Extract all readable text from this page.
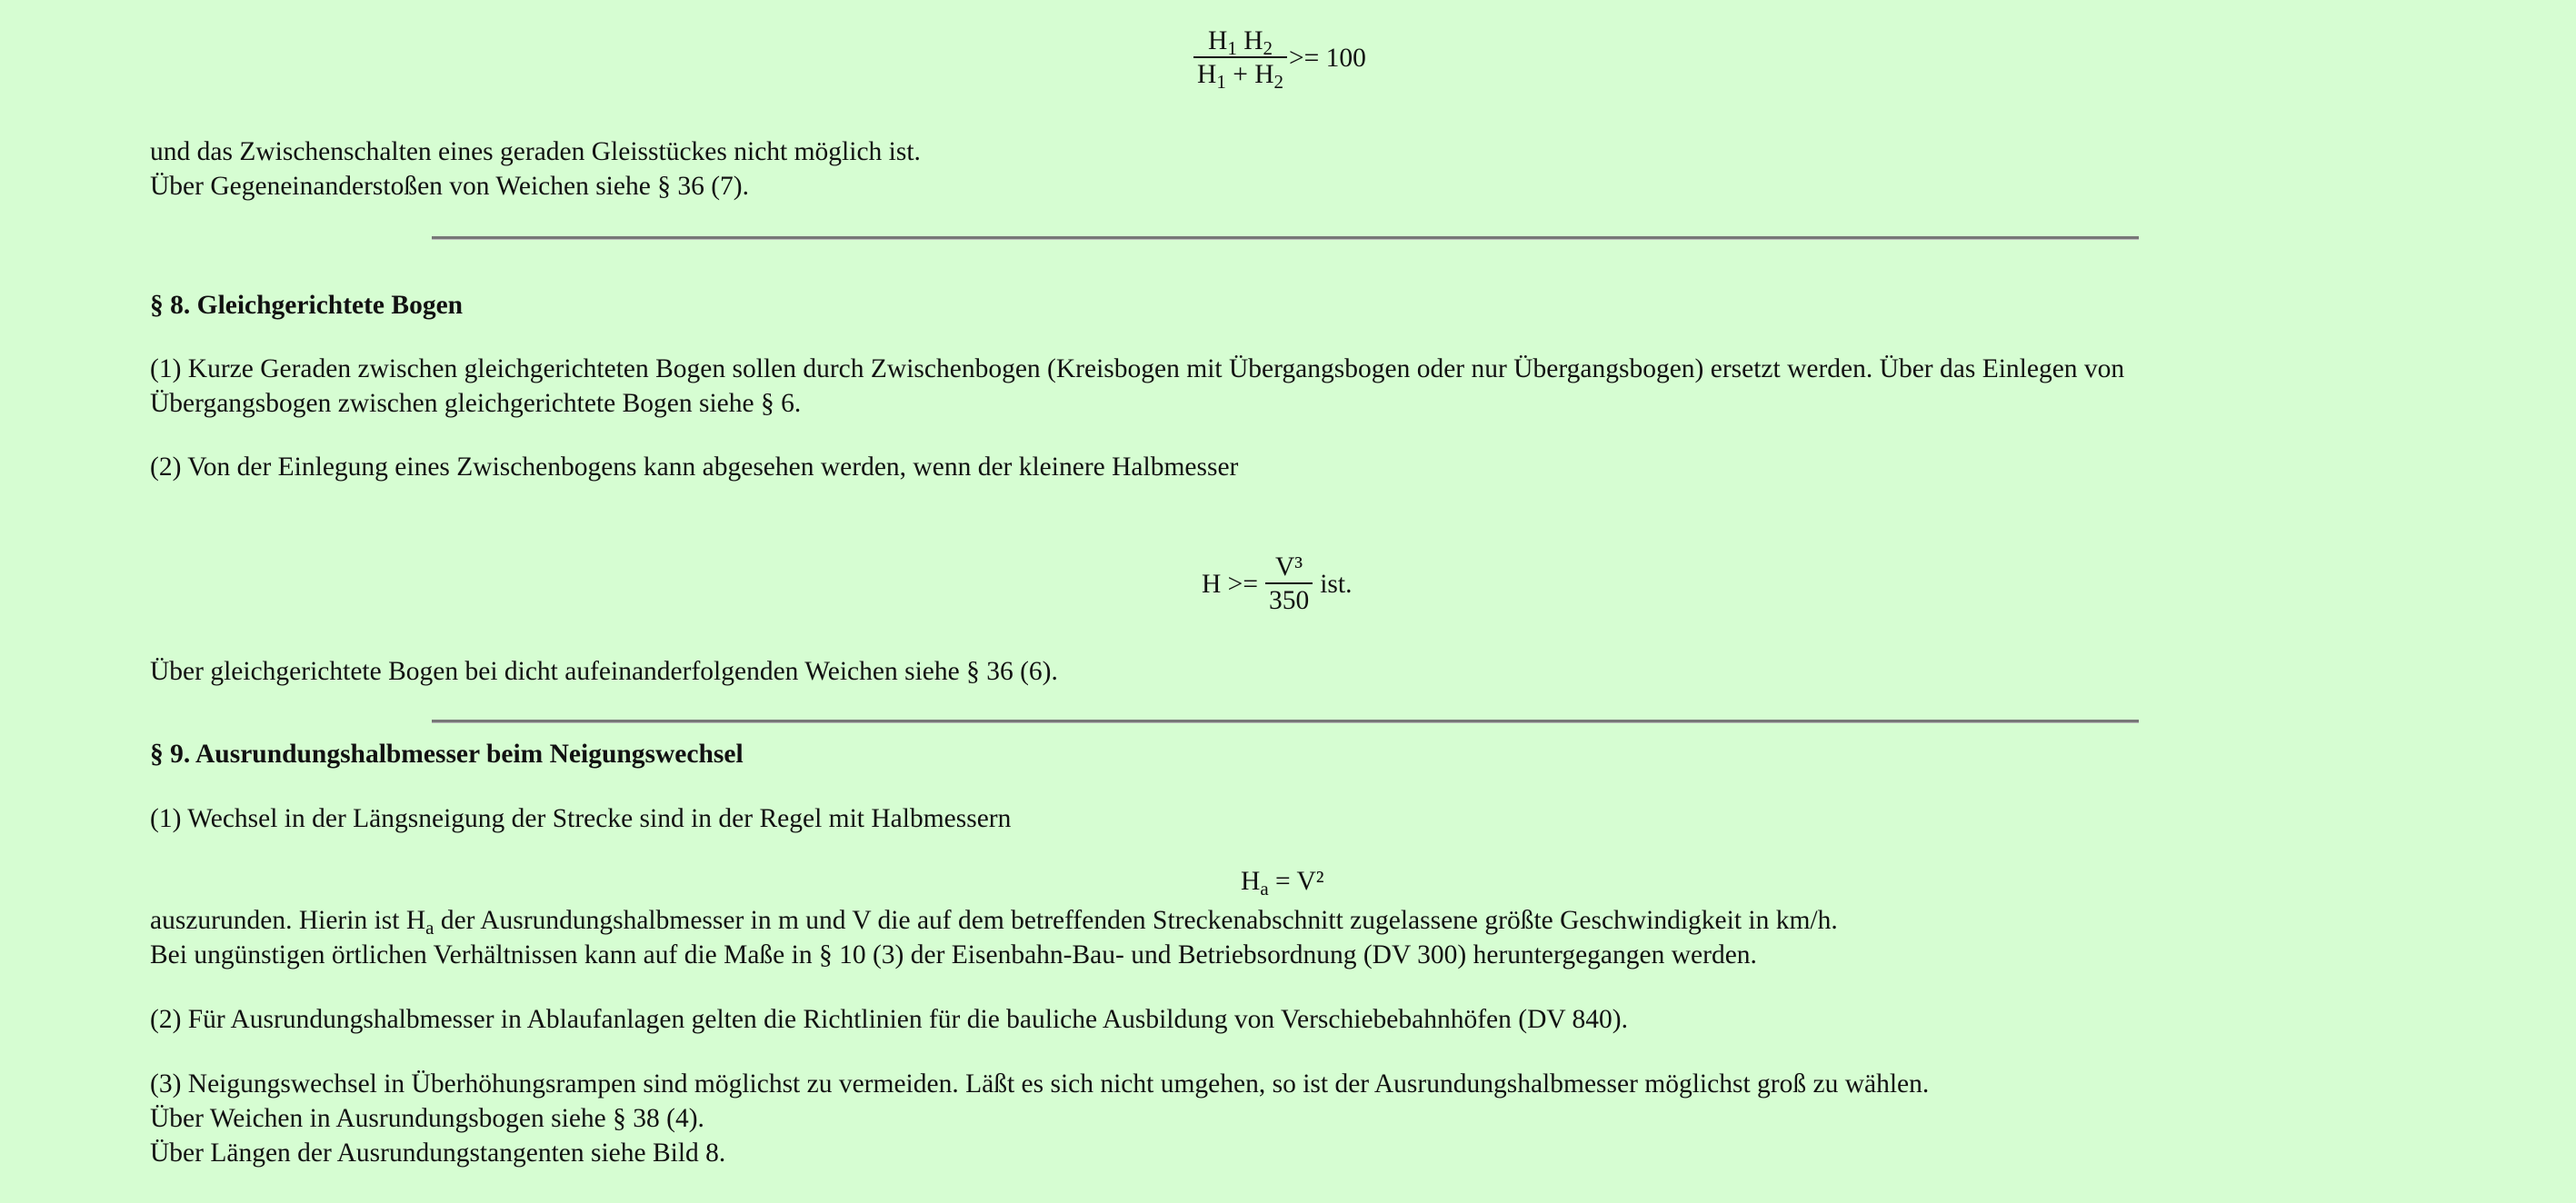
$\frac{H_1 H_2}{H_1 + H_2} >= 100$
und das Zwischenschalten eines geraden Gleisstückes nicht möglich ist.
Über Gegeneinanderstoßen von Weichen siehe § 36 (7).
§ 8. Gleichgerichtete Bogen
(1) Kurze Geraden zwischen gleichgerichteten Bogen sollen durch Zwischenbogen (Kreisbogen mit Übergangsbogen oder nur Übergangsbogen) ersetzt werden. Über das Einlegen von
Übergangsbogen zwischen gleichgerichtete Bogen siehe § 6.
(2) Von der Einlegung eines Zwischenbogens kann abgesehen werden, wenn der kleinere Halbmesser
$H >= \frac{\text{V³}}{350}$ ist.
Über gleichgerichtete Bogen bei dicht aufeinanderfolgenden Weichen siehe § 36 (6).
§ 9. Ausrundungshalbmesser beim Neigungswechsel
(1) Wechsel in der Längsneigung der Strecke sind in der Regel mit Halbmessern
$H_a = V^2$
auszurunden. Hierin ist $H_a$ der Ausrundungshalbmesser in m und V die auf dem betreffenden Streckenabschnitt zugelassene größte Geschwindigkeit in km/h.
Bei ungünstigen örtlichen Verhältnissen kann auf die Maße in § 10 (3) der Eisenbahn-Bau- und Betriebsordnung (DV 300) heruntergegangen werden.
(2) Für Ausrundungshalbmesser in Ablaufanlagen gelten die Richtlinien für die bauliche Ausbildung von Verschiebebahnhöfen (DV 840).
(3) Neigungswechsel in Überhöhungsrampen sind möglichst zu vermeiden. Läßt es sich nicht umgehen, so ist der Ausrundungshalbmesser möglichst groß zu wählen.
Über Weichen in Ausrundungsbogen siehe § 38 (4).
Über Längen der Ausrundungstangenten siehe Bild 8.
